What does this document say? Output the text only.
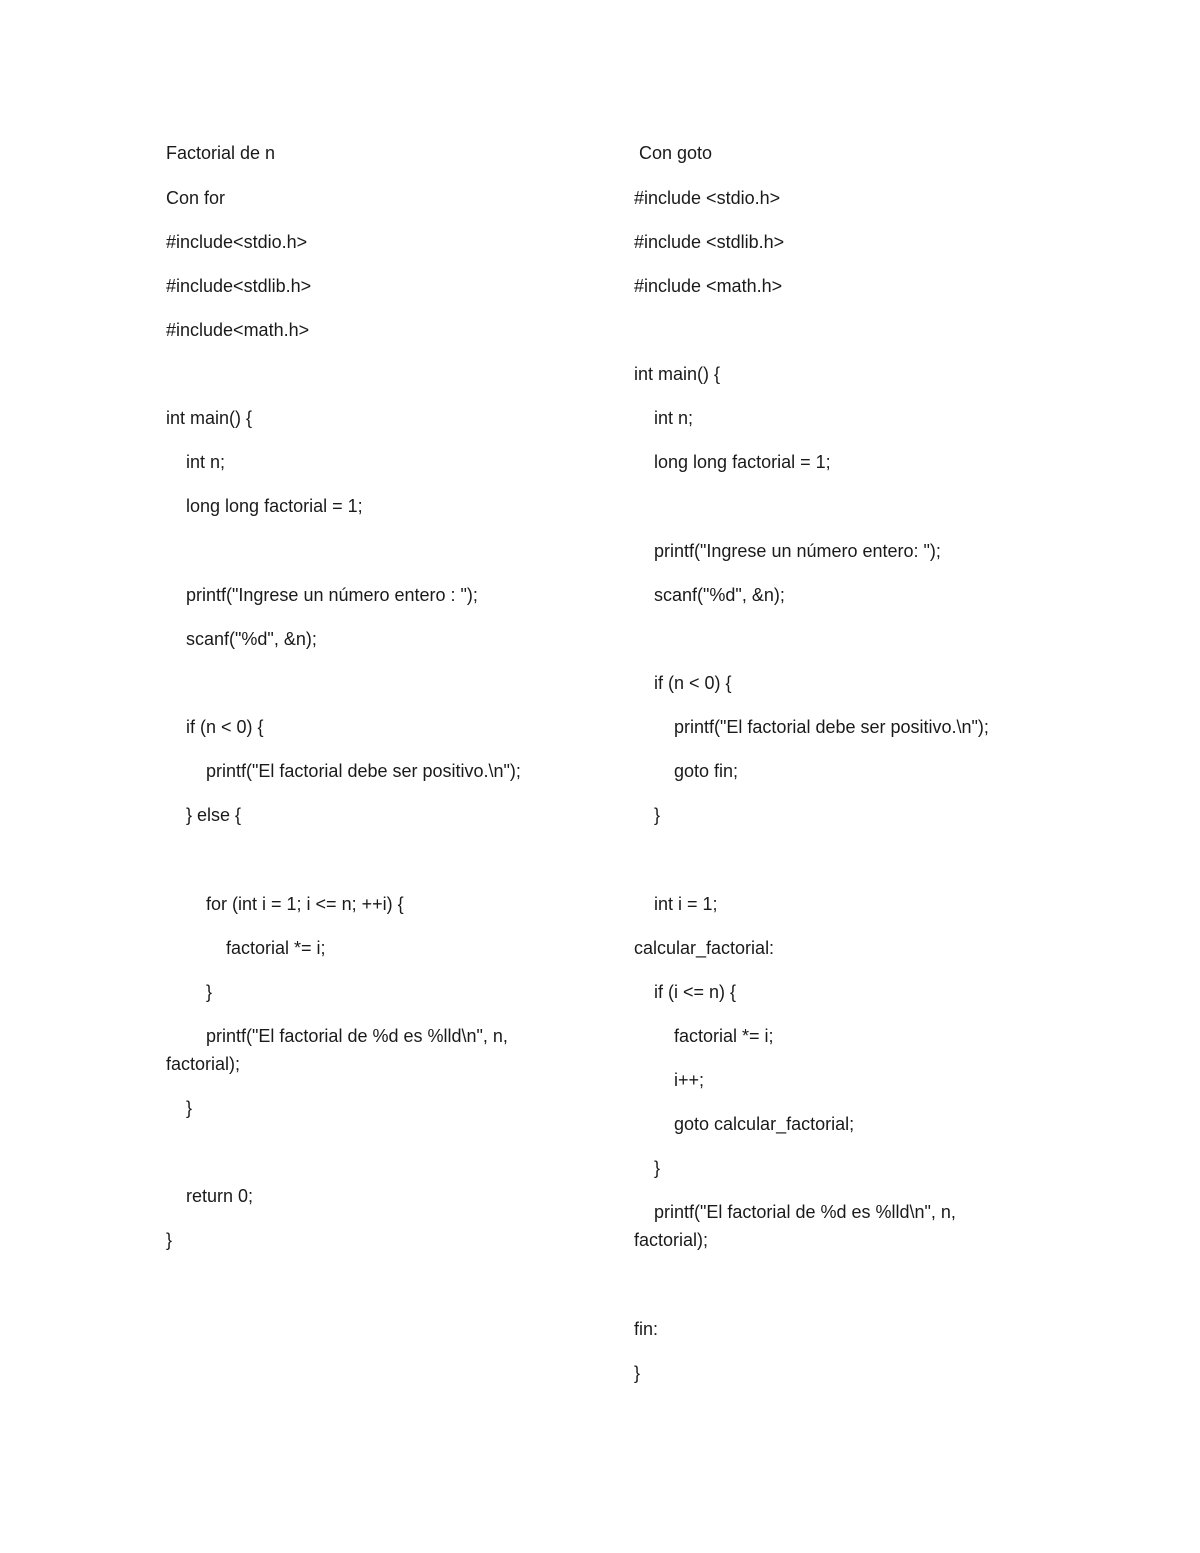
Factorial de n
Con for
#include<stdio.h>
#include<stdlib.h>
#include<math.h>
int main() {
int n;
long long factorial = 1;
printf("Ingrese un número entero : ");
scanf("%d", &n);
if (n < 0) {
printf("El factorial debe ser positivo.\n");
} else {
for (int i = 1; i <= n; ++i) {
factorial *= i;
}
printf("El factorial de %d es %lld\n", n,
factorial);
}
return 0;
}
Con goto
#include <stdio.h>
#include <stdlib.h>
#include <math.h>
int main() {
int n;
long long factorial = 1;
printf("Ingrese un número entero: ");
scanf("%d", &n);
if (n < 0) {
printf("El factorial debe ser positivo.\n");
goto fin;
}
int i = 1;
calcular_factorial:
if (i <= n) {
factorial *= i;
i++;
goto calcular_factorial;
}
printf("El factorial de %d es %lld\n", n,
factorial);
fin:
}
